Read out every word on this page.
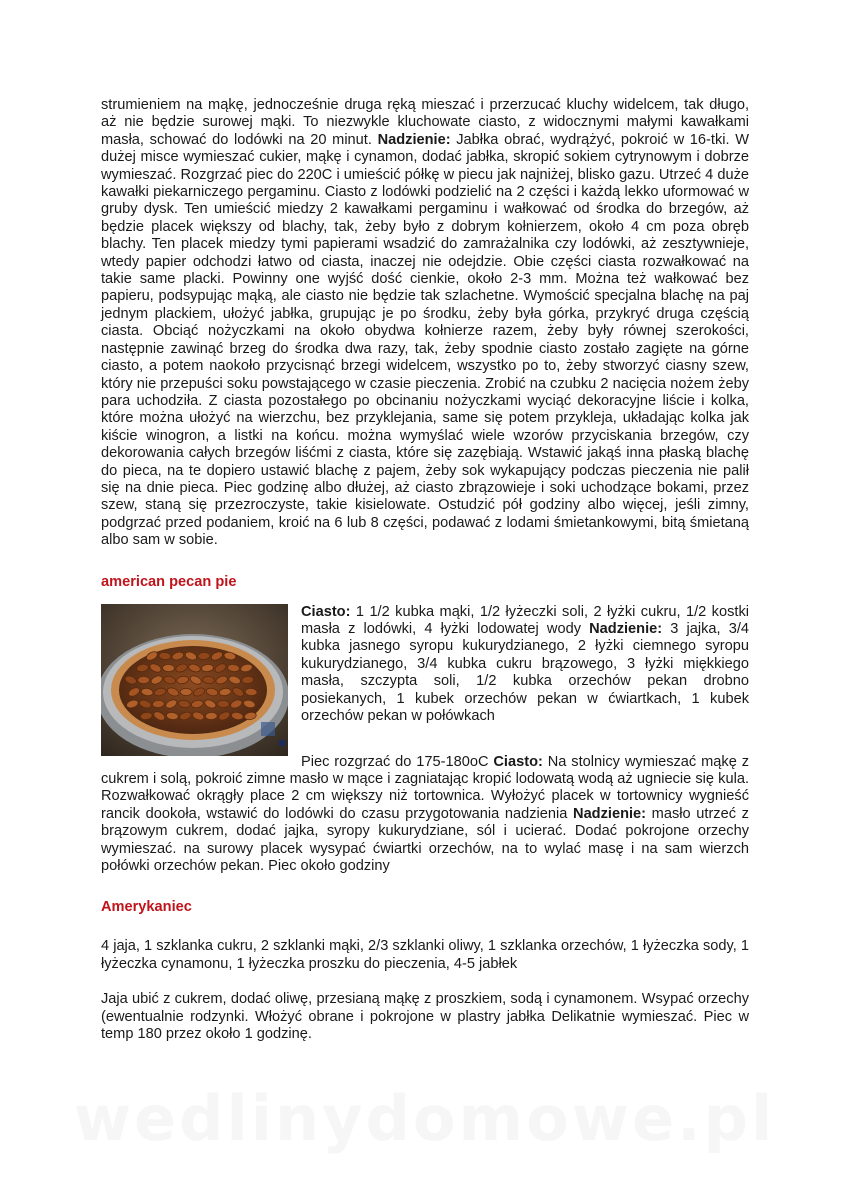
strumieniem na mąkę, jednocześnie druga ręką mieszać i przerzucać kluchy widelcem, tak długo, aż nie będzie surowej mąki. To niezwykle kluchowate ciasto, z widocznymi małymi kawałkami masła, schować do lodówki na 20 minut. Nadzienie: Jabłka obrać, wydrążyć, pokroić w 16-tki. W dużej misce wymieszać cukier, mąkę i cynamon, dodać jabłka, skropić sokiem cytrynowym i dobrze wymieszać. Rozgrzać piec do 220C i umieścić półkę w piecu jak najniżej, blisko gazu. Utrzeć 4 duże kawałki piekarniczego pergaminu. Ciasto z lodówki podzielić na 2 części i każdą lekko uformować w gruby dysk. Ten umieścić miedzy 2 kawałkami pergaminu i wałkować od środka do brzegów, aż będzie placek większy od blachy, tak, żeby było z dobrym kołnierzem, około 4 cm poza obręb blachy. Ten placek miedzy tymi papierami wsadzić do zamrażalnika czy lodówki, aż zesztywnieje, wtedy papier odchodzi łatwo od ciasta, inaczej nie odejdzie. Obie części ciasta rozwałkować na takie same placki. Powinny one wyjść dość cienkie, około 2-3 mm. Można też wałkować bez papieru, podsypując mąką, ale ciasto nie będzie tak szlachetne. Wymościć specjalna blachę na paj jednym plackiem, ułożyć jabłka, grupując je po środku, żeby była górka, przykryć druga częścią ciasta. Obciąć nożyczkami na około obydwa kołnierze razem, żeby były równej szerokości, następnie zawinąć brzeg do środka dwa razy, tak, żeby spodnie ciasto zostało zagięte na górne ciasto, a potem naokoło przycisnąć brzegi widelcem, wszystko po to, żeby stworzyć ciasny szew, który nie przepuści soku powstającego w czasie pieczenia. Zrobić na czubku 2 nacięcia nożem żeby para uchodziła. Z ciasta pozostałego po obcinaniu nożyczkami wyciąć dekoracyjne liście i kolka, które można ułożyć na wierzchu, bez przyklejania, same się potem przykleja, układając kolka jak kiście winogron, a listki na końcu. można wymyślać wiele wzorów przyciskania brzegów, czy dekorowania całych brzegów liśćmi z ciasta, które się zazębiają. Wstawić jakąś inna płaską blachę do pieca, na te dopiero ustawić blachę z pajem, żeby sok wykapujący podczas pieczenia nie palił się na dnie pieca. Piec godzinę albo dłużej, aż ciasto zbrązowieje i soki uchodzące bokami, przez szew, staną się przezroczyste, takie kisielowate. Ostudzić pół godziny albo więcej, jeśli zimny, podgrzać przed podaniem, kroić na 6 lub 8 części, podawać z lodami śmietankowymi, bitą śmietaną albo sam w sobie.

american pecan pie

Ciasto: 1 1/2 kubka mąki, 1/2 łyżeczki soli, 2 łyżki cukru, 1/2 kostki masła z lodówki, 4 łyżki lodowatej wody Nadzienie: 3 jajka, 3/4 kubka jasnego syropu kukurydzianego, 2 łyżki ciemnego syropu kukurydzianego, 3/4 kubka cukru brązowego, 3 łyżki miękkiego masła, szczypta soli, 1/2 kubka orzechów pekan drobno posiekanych, 1 kubek orzechów pekan w ćwiartkach, 1 kubek orzechów pekan w połówkach

Piec rozgrzać do 175-180oC Ciasto: Na stolnicy wymieszać mąkę z cukrem i solą, pokroić zimne masło w mące i zagniatając kropić lodowatą wodą aż ugniecie się kula. Rozwałkować okrągły place 2 cm większy niż tortownica. Wyłożyć placek w tortownicy wygnieść rancik dookoła, wstawić do lodówki do czasu przygotowania nadzienia Nadzienie: masło utrzeć z brązowym cukrem, dodać jajka, syropy kukurydziane, sól i ucierać. Dodać pokrojone orzechy wymieszać. na surowy placek wysypać ćwiartki orzechów, na to wylać masę i na sam wierzch połówki orzechów pekan. Piec około godziny

Amerykaniec

4 jaja, 1 szklanka cukru, 2 szklanki mąki, 2/3 szklanki oliwy, 1 szklanka orzechów, 1 łyżeczka sody, 1 łyżeczka cynamonu, 1 łyżeczka proszku do pieczenia, 4-5 jabłek

Jaja ubić z cukrem, dodać oliwę, przesianą mąkę z proszkiem, sodą i cynamonem. Wsypać orzechy (ewentualnie rodzynki. Włożyć obrane i pokrojone w plastry jabłka Delikatnie wymieszać. Piec w temp 180 przez około 1 godzinę.

wedlinydomowe.pl
